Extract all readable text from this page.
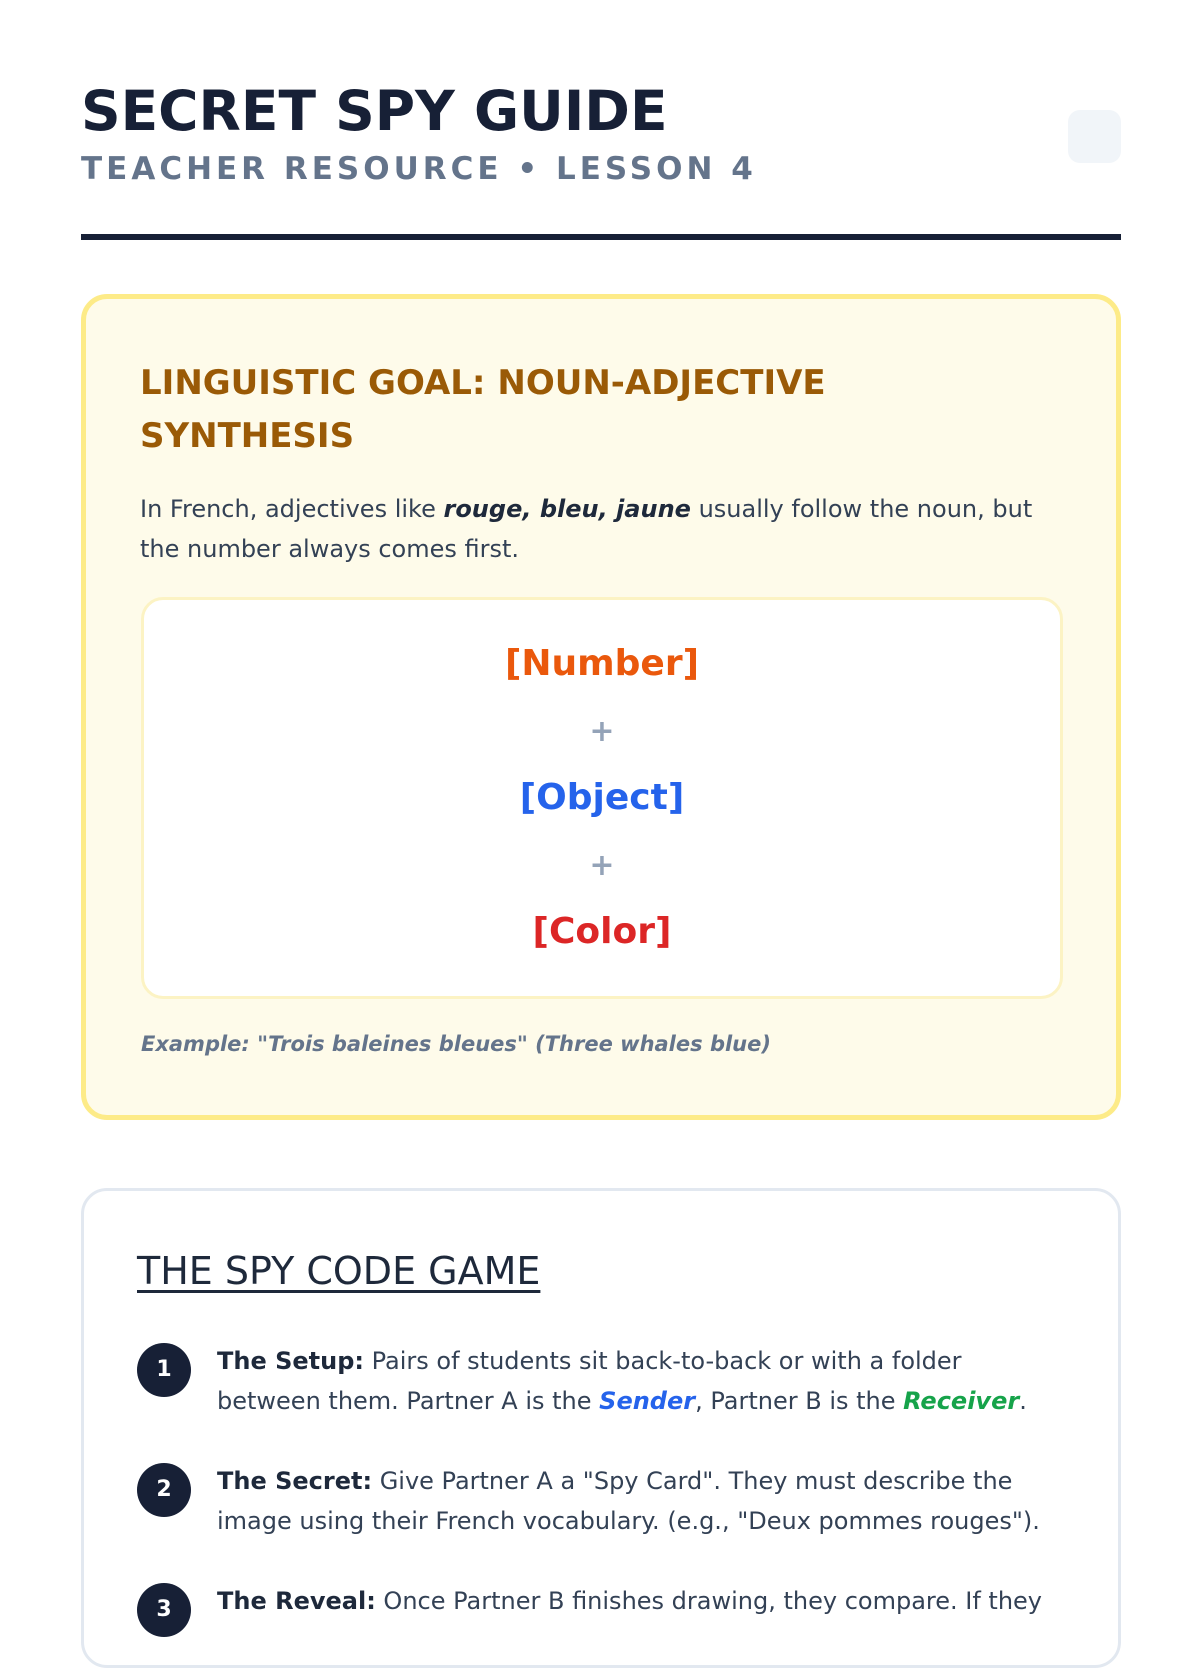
SECRET SPY GUIDE
TEACHER RESOURCE • LESSON 4
LINGUISTIC GOAL: NOUN-ADJECTIVE SYNTHESIS

In French, adjectives like rouge, bleu, jaune usually follow the noun, but the number always comes first.

[Number]
+
[Object]
+
[Color]
Example: "Trois baleines bleues" (Three whales blue)
THE SPY CODE GAME
1	The Setup: Pairs of students sit back-to-back or with a folder between them. Partner A is the Sender, Partner B is the Receiver.

2	The Secret: Give Partner A a "Spy Card". They must describe the image using their French vocabulary. (e.g., "Deux pommes rouges").

3	The Reveal: Once Partner B finishes drawing, they compare. If they
